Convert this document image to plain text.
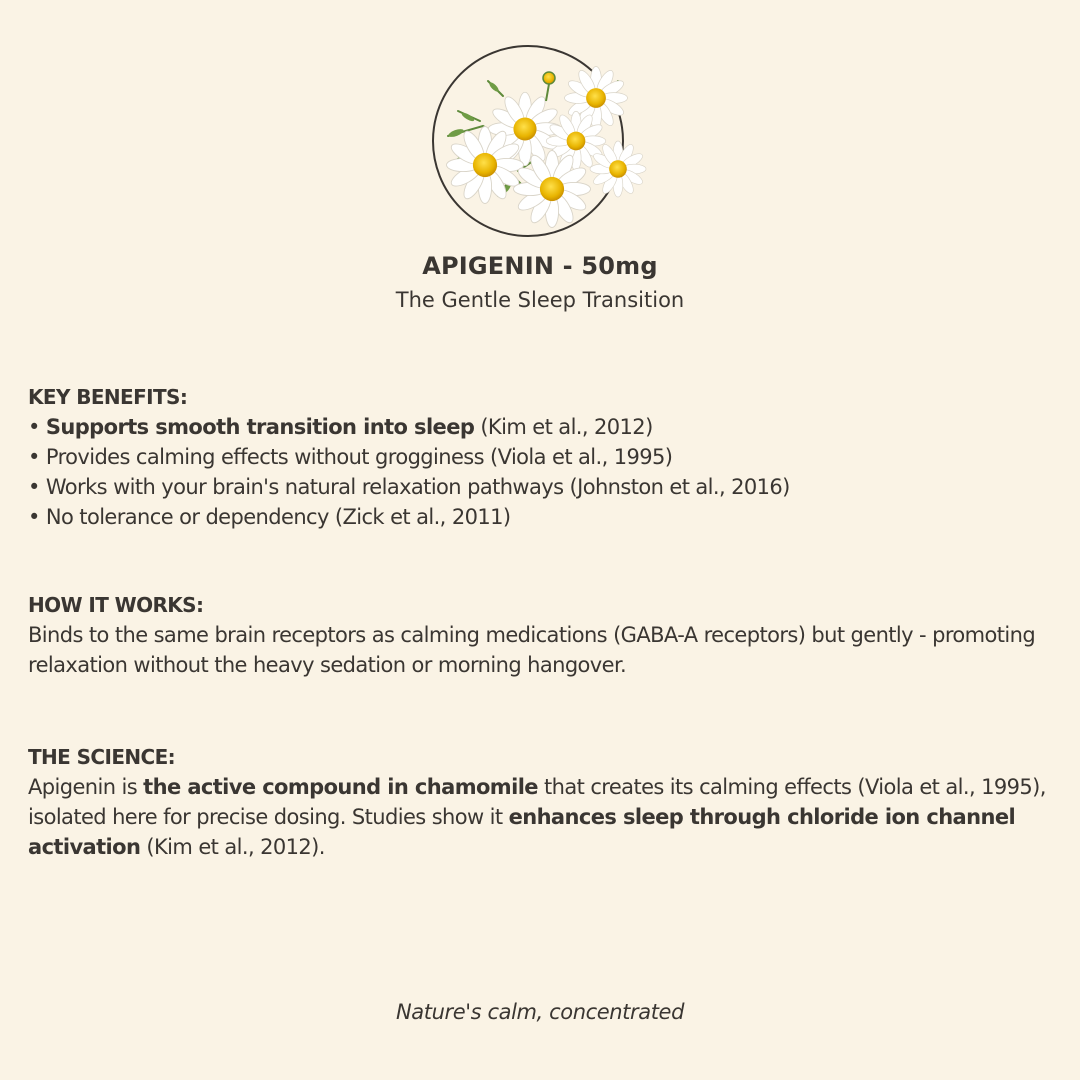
APIGENIN - 50mg

The Gentle Sleep Transition

KEY BENEFITS:
• Supports smooth transition into sleep (Kim et al., 2012)
• Provides calming effects without grogginess (Viola et al., 1995)
• Works with your brain's natural relaxation pathways (Johnston et al., 2016)
• No tolerance or dependency (Zick et al., 2011)
HOW IT WORKS:

Binds to the same brain receptors as calming medications (GABA-A receptors) but gently - promoting relaxation without the heavy sedation or morning hangover.

THE SCIENCE:

Apigenin is the active compound in chamomile that creates its calming effects (Viola et al., 1995), isolated here for precise dosing. Studies show it enhances sleep through chloride ion channel activation (Kim et al., 2012).

Nature's calm, concentrated
